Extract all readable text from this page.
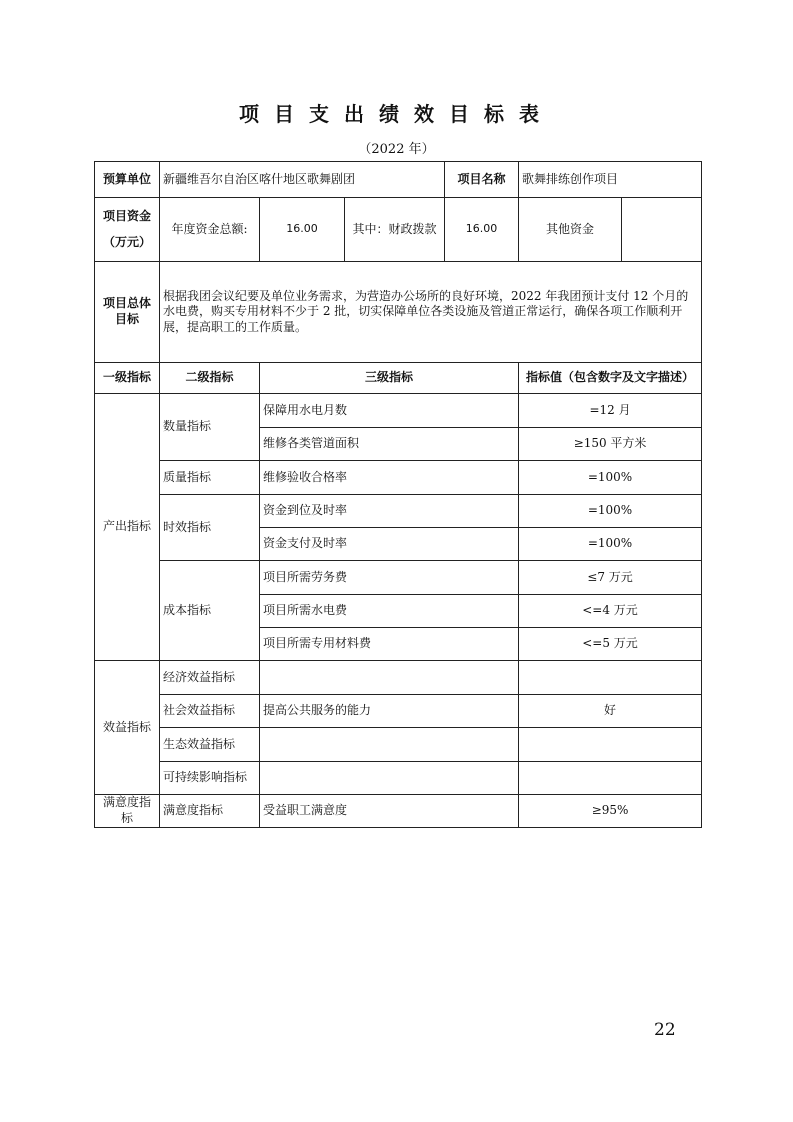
项目支出绩效目标表
（2022 年）
预算单位	新疆维吾尔自治区喀什地区歌舞剧团			项目名称	歌舞排练创作项目	

项目资金
（万元）	年度资金总额:	16.00	其中：财政拨款	16.00	其他资金	
项目总体目标	根据我团会议纪要及单位业务需求，为营造办公场所的良好环境，2022 年我团预计支付 12 个月的水电费，购买专用材料不少于 2 批，切实保障单位各类设施及管道正常运行，确保各项工作顺利开展，提高职工的工作质量。					
一级指标	二级指标	三级指标			指标值（包含数字及文字描述）	
产出指标	数量指标	保障用水电月数			=12 月	
		维修各类管道面积			≥150 平方米	
	质量指标	维修验收合格率			=100%	
	时效指标	资金到位及时率			=100%	
		资金支付及时率			=100%	
	成本指标	项目所需劳务费			≤7 万元	
		项目所需水电费			<=4 万元	
		项目所需专用材料费			<=5 万元	
效益指标	经济效益指标					
	社会效益指标	提高公共服务的能力			好	
	生态效益指标					
	可持续影响指标					
满意度指标	满意度指标	受益职工满意度			≥95%	
22
